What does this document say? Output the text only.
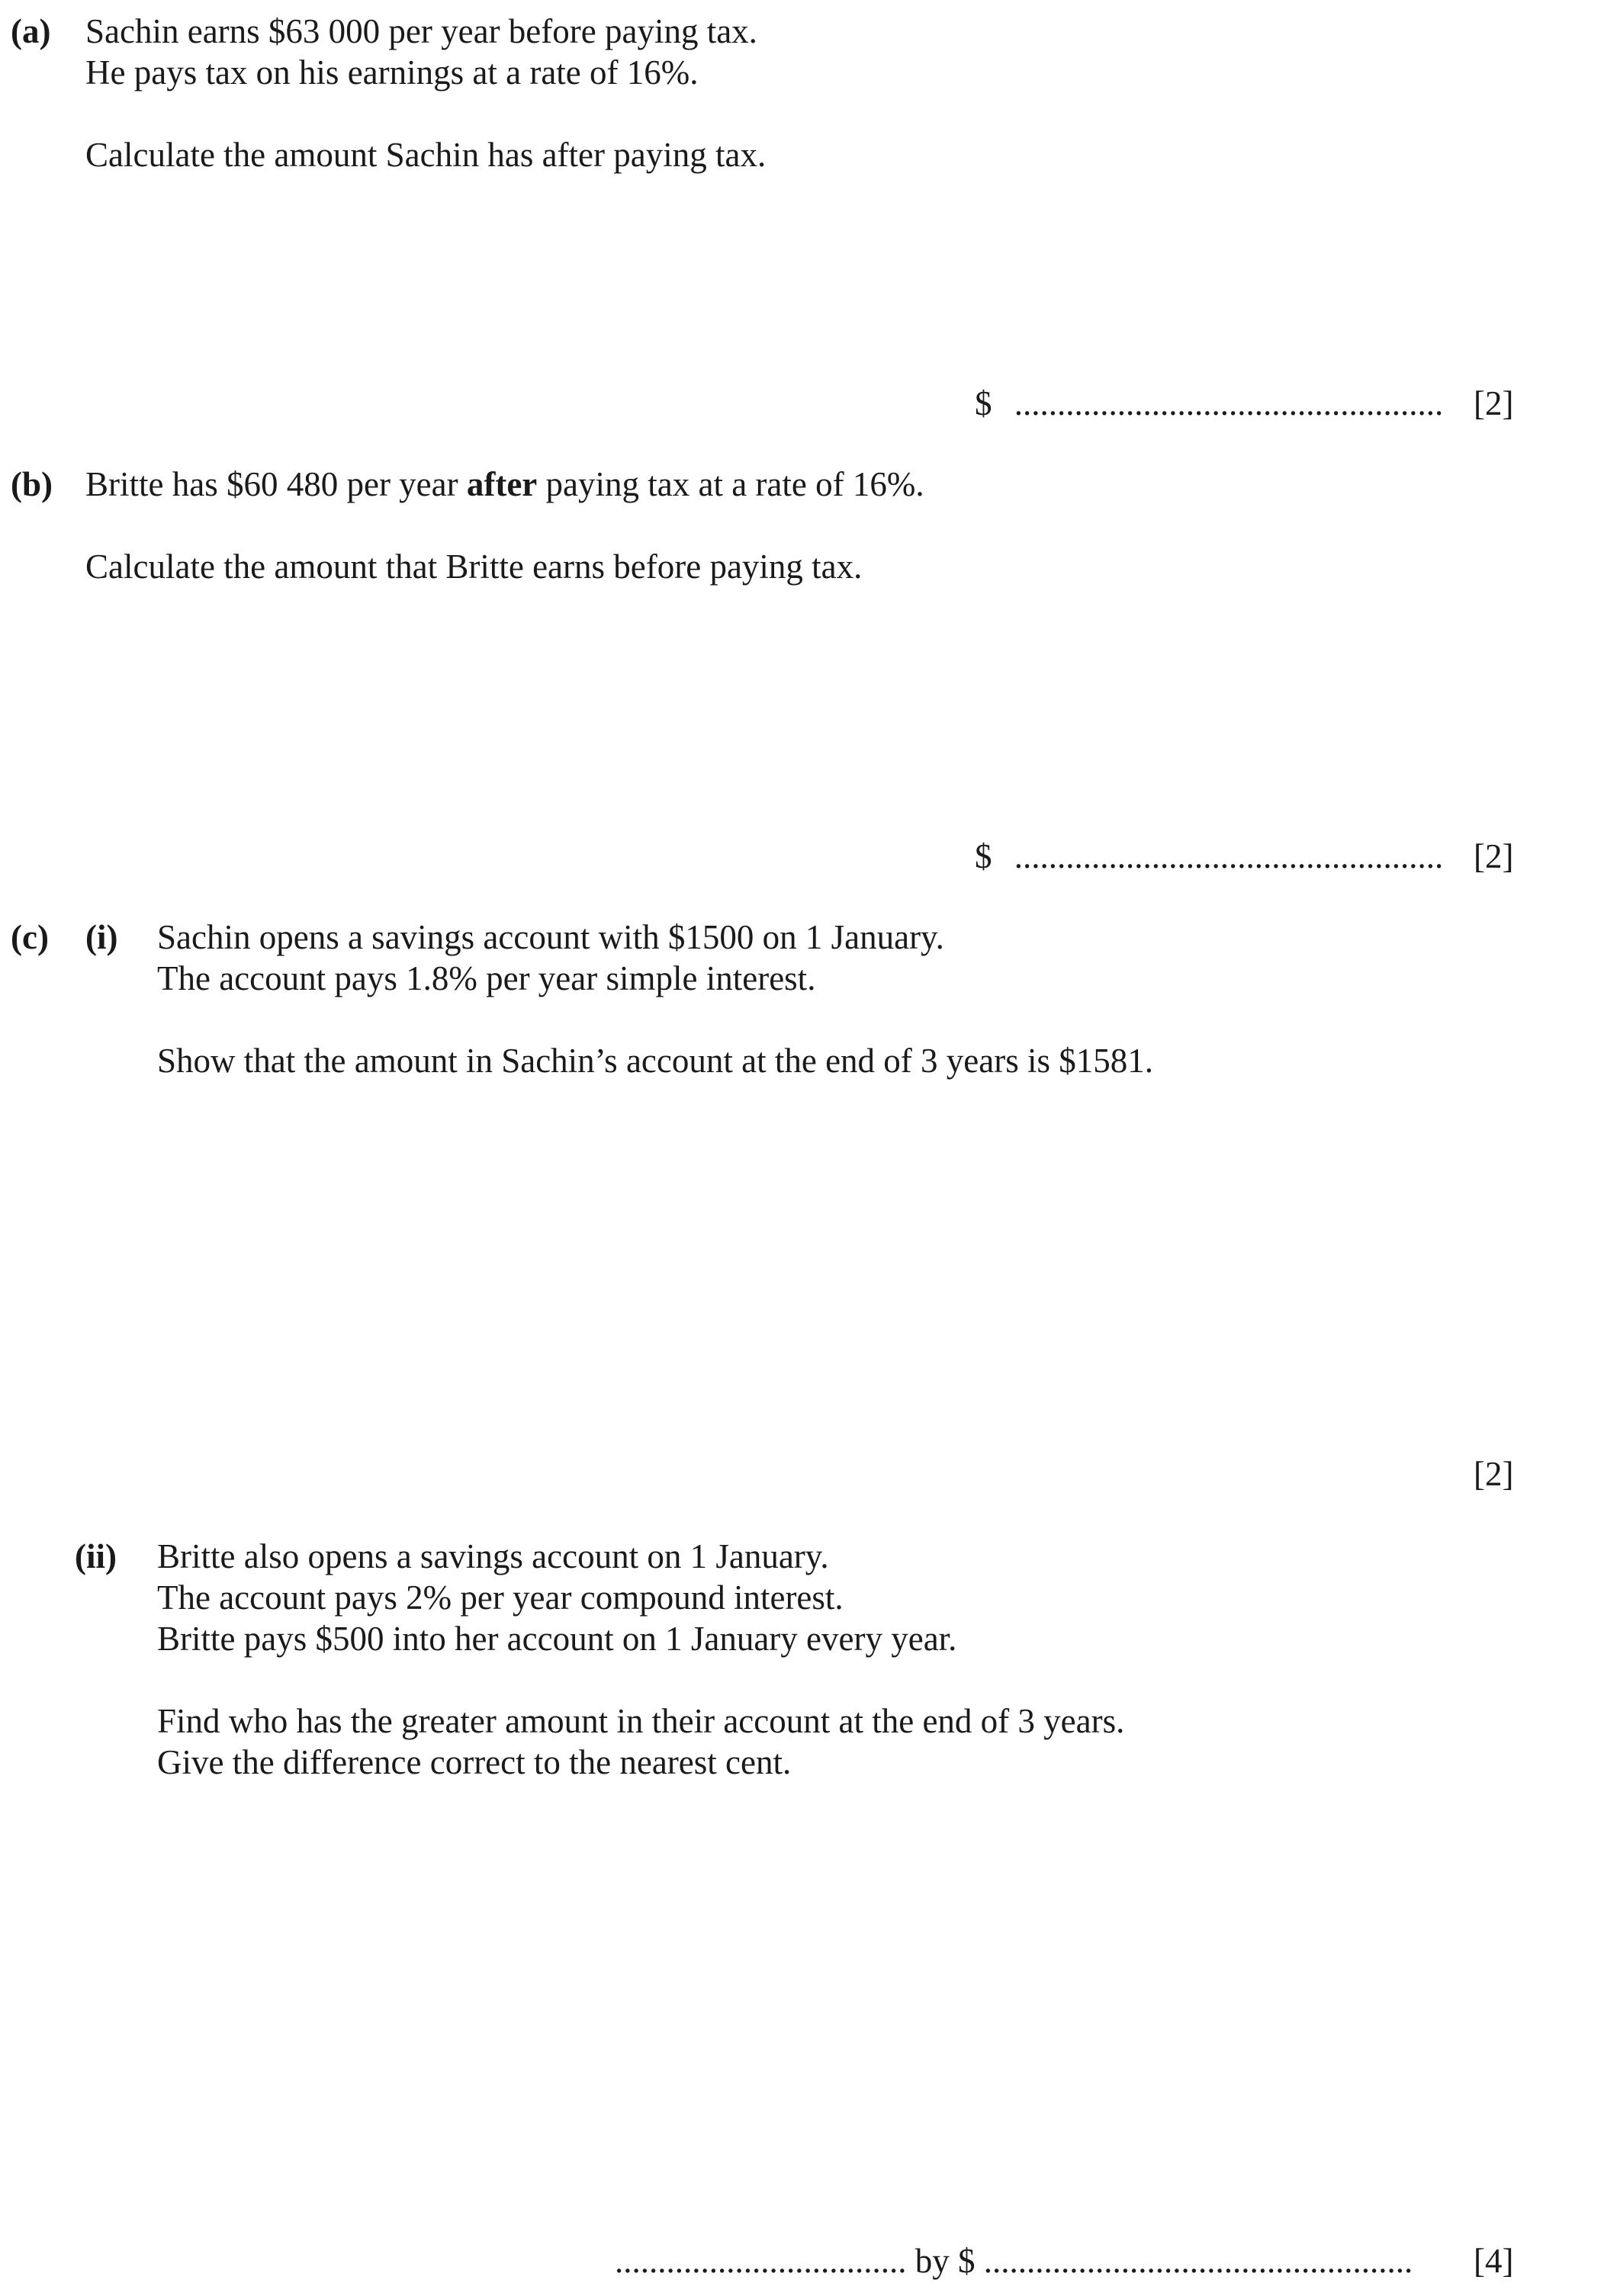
(a) Sachin earns $63 000 per year before paying tax.
He pays tax on his earnings at a rate of 16%.
Calculate the amount Sachin has after paying tax.
$ .................................................. [2]
(b) Britte has $60 480 per year after paying tax at a rate of 16%.
Calculate the amount that Britte earns before paying tax.
$ .................................................. [2]
(c) (i) Sachin opens a savings account with $1500 on 1 January.
The account pays 1.8% per year simple interest.
Show that the amount in Sachin’s account at the end of 3 years is $1581.
[2]
(ii) Britte also opens a savings account on 1 January.
The account pays 2% per year compound interest.
Britte pays $500 into her account on 1 January every year.
Find who has the greater amount in their account at the end of 3 years.
Give the difference correct to the nearest cent.
.................................. by $ .................................................. [4]
